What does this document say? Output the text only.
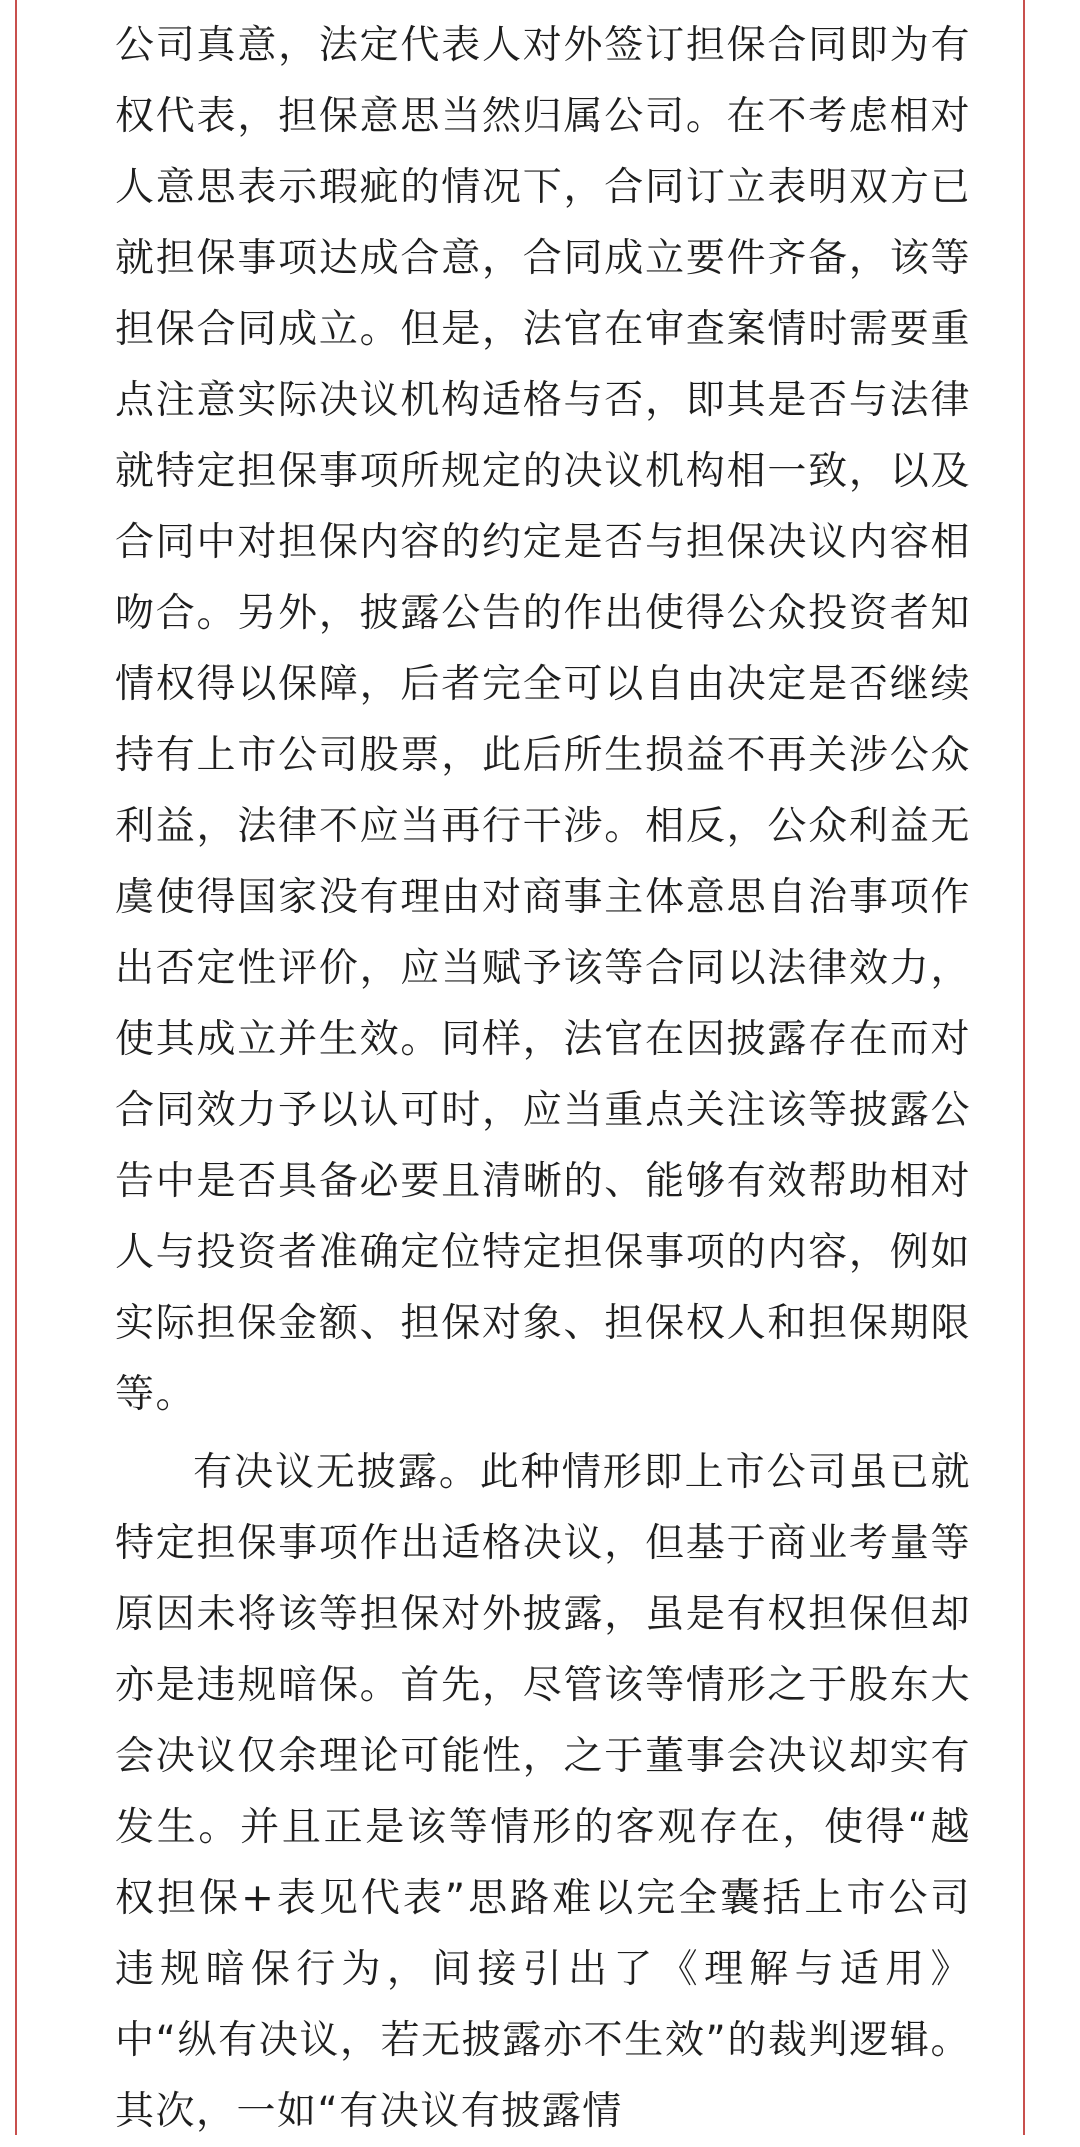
公司真意，法定代表人对外签订担保合同即为有权代表，担保意思当然归属公司。在不考虑相对人意思表示瑕疵的情况下，合同订立表明双方已就担保事项达成合意，合同成立要件齐备，该等担保合同成立。但是，法官在审查案情时需要重点注意实际决议机构适格与否，即其是否与法律就特定担保事项所规定的决议机构相一致，以及合同中对担保内容的约定是否与担保决议内容相吻合。另外，披露公告的作出使得公众投资者知情权得以保障，后者完全可以自由决定是否继续持有上市公司股票，此后所生损益不再关涉公众利益，法律不应当再行干涉。相反，公众利益无虞使得国家没有理由对商事主体意思自治事项作出否定性评价，应当赋予该等合同以法律效力，使其成立并生效。同样，法官在因披露存在而对合同效力予以认可时，应当重点关注该等披露公告中是否具备必要且清晰的、能够有效帮助相对人与投资者准确定位特定担保事项的内容，例如实际担保金额、担保对象、担保权人和担保期限等。

有决议无披露。此种情形即上市公司虽已就特定担保事项作出适格决议，但基于商业考量等原因未将该等担保对外披露，虽是有权担保但却亦是违规暗保。首先，尽管该等情形之于股东大会决议仅余理论可能性，之于董事会决议却实有发生。并且正是该等情形的客观存在，使得“越权担保+表见代表”思路难以完全囊括上市公司违规暗保行为，间接引出了《理解与适用》中“纵有决议，若无披露亦不生效”的裁判逻辑。其次，一如“有决议有披露情
